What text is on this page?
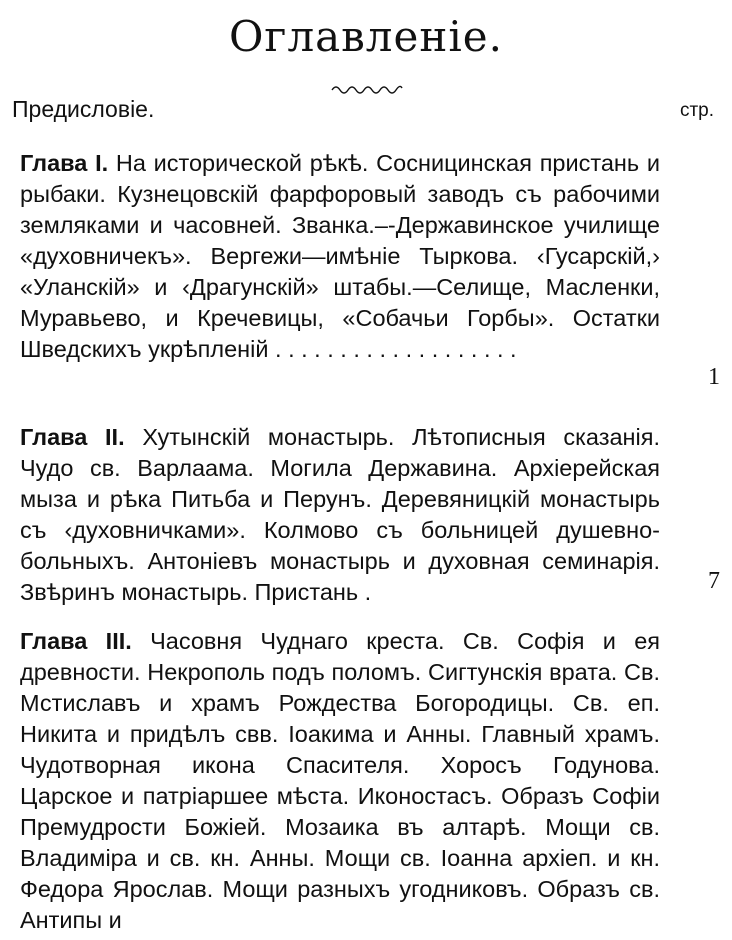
Оглавленіе.
Предисловіе.	стр.
Глава I. На исторической рѣкѣ. Сосницинская пристань и рыбаки. Кузнецовскій фарфоровый заводъ съ рабочими земляками и часовней. Званка.–-Державинское училище «духовничекъ». Вергежи—имѣніе Тыркова. ‹Гусарскій,› «Уланскій» и ‹Драгунскій» штабы.—Селище, Масленки, Муравьево, и Кречевицы, «Собачьи Горбы». Остатки Шведскихъ укрѣпленій . . . . . . . . . . . . . . . . . . .
1
Глава II. Хутынскій монастырь. Лѣтописныя сказанія. Чудо св. Варлаама. Могила Державина. Архіерейская мыза и рѣка Питьба и Перунъ. Деревяницкій монастырь съ ‹духовничками». Колмово съ больницей душевно-больныхъ. Антоніевъ монастырь и духовная семинарія. Звѣринъ монастырь. Пристань .	7
Глава III. Часовня Чуднаго креста. Св. Софія и ея древности. Некрополь подъ поломъ. Сигтунскія врата. Св. Мстиславъ и храмъ Рождества Богородицы. Св. еп. Никита и придѣлъ свв. Іоакима и Анны. Главный храмъ. Чудотворная икона Спасителя. Хоросъ Годунова. Царское и патріаршее мѣста. Иконостасъ. Образъ Софіи Премудрости Божіей. Мозаика въ алтарѣ. Мощи св. Владиміра и св. кн. Анны. Мощи св. Іоанна архіеп. и кн. Федора Ярослав. Мощи разныхъ угодниковъ. Образъ св. Антипы и
